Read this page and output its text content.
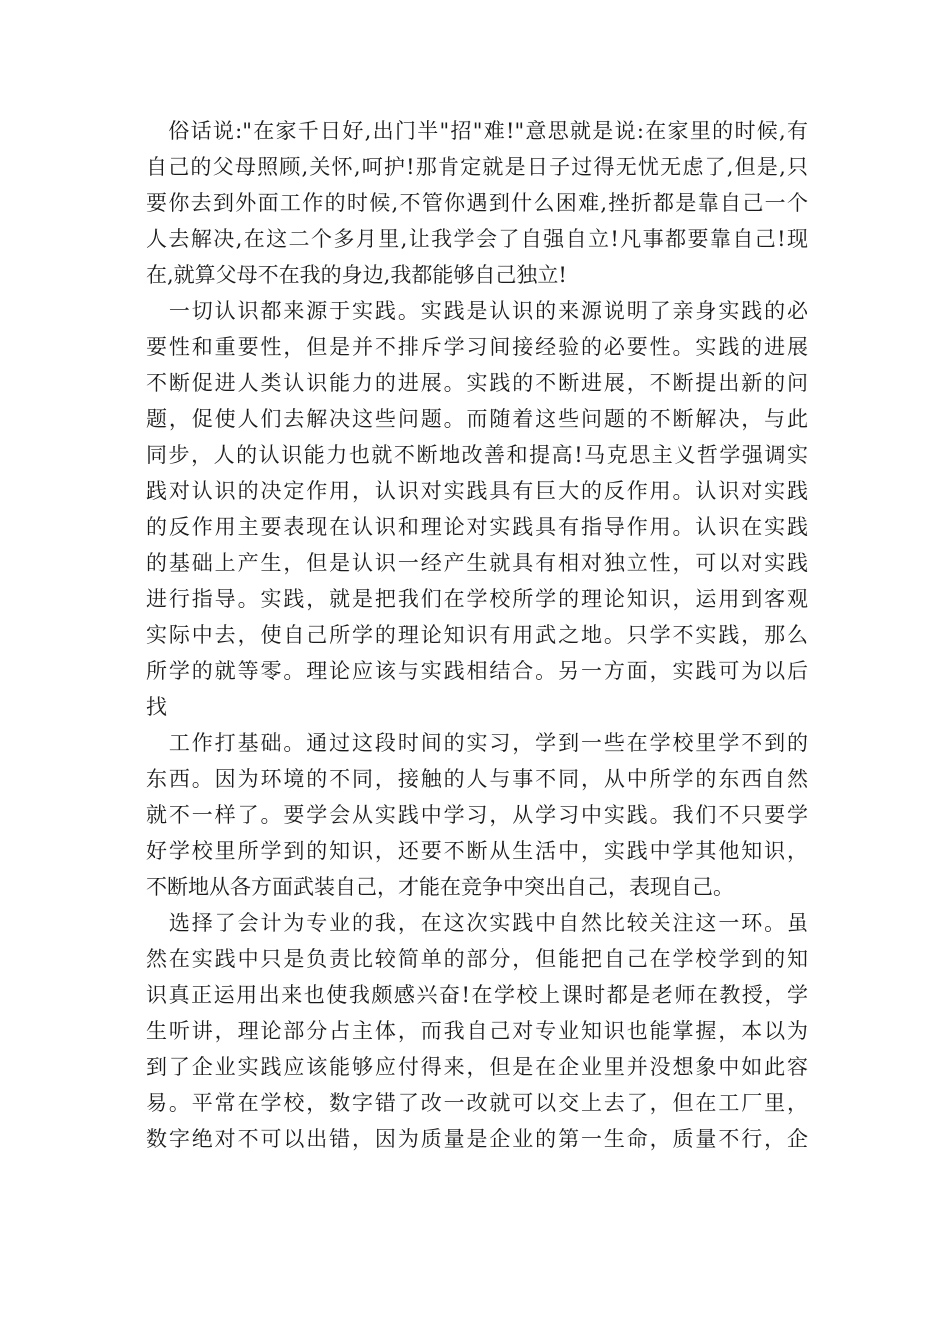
　俗话说:"在家千日好,出门半"招"难!"意思就是说:在家里的时候,有
自己的父母照顾,关怀,呵护!那肯定就是日子过得无忧无虑了,但是,只
要你去到外面工作的时候,不管你遇到什么困难,挫折都是靠自己一个
人去解决,在这二个多月里,让我学会了自强自立!凡事都要靠自己!现
在,就算父母不在我的身边,我都能够自己独立!

　一切认识都来源于实践。实践是认识的来源说明了亲身实践的必
要性和重要性，但是并不排斥学习间接经验的必要性。实践的进展
不断促进人类认识能力的进展。实践的不断进展，不断提出新的问
题，促使人们去解决这些问题。而随着这些问题的不断解决，与此
同步，人的认识能力也就不断地改善和提高!马克思主义哲学强调实
践对认识的决定作用，认识对实践具有巨大的反作用。认识对实践
的反作用主要表现在认识和理论对实践具有指导作用。认识在实践
的基础上产生，但是认识一经产生就具有相对独立性，可以对实践
进行指导。实践，就是把我们在学校所学的理论知识，运用到客观
实际中去，使自己所学的理论知识有用武之地。只学不实践，那么
所学的就等零。理论应该与实践相结合。另一方面，实践可为以后
找

　工作打基础。通过这段时间的实习，学到一些在学校里学不到的
东西。因为环境的不同，接触的人与事不同，从中所学的东西自然
就不一样了。要学会从实践中学习，从学习中实践。我们不只要学
好学校里所学到的知识，还要不断从生活中，实践中学其他知识，
不断地从各方面武装自己，才能在竞争中突出自己，表现自己。

　选择了会计为专业的我，在这次实践中自然比较关注这一环。虽
然在实践中只是负责比较简单的部分，但能把自己在学校学到的知
识真正运用出来也使我颇感兴奋!在学校上课时都是老师在教授，学
生听讲，理论部分占主体，而我自己对专业知识也能掌握，本以为
到了企业实践应该能够应付得来，但是在企业里并没想象中如此容
易。平常在学校，数字错了改一改就可以交上去了，但在工厂里，
数字绝对不可以出错，因为质量是企业的第一生命，质量不行，企
